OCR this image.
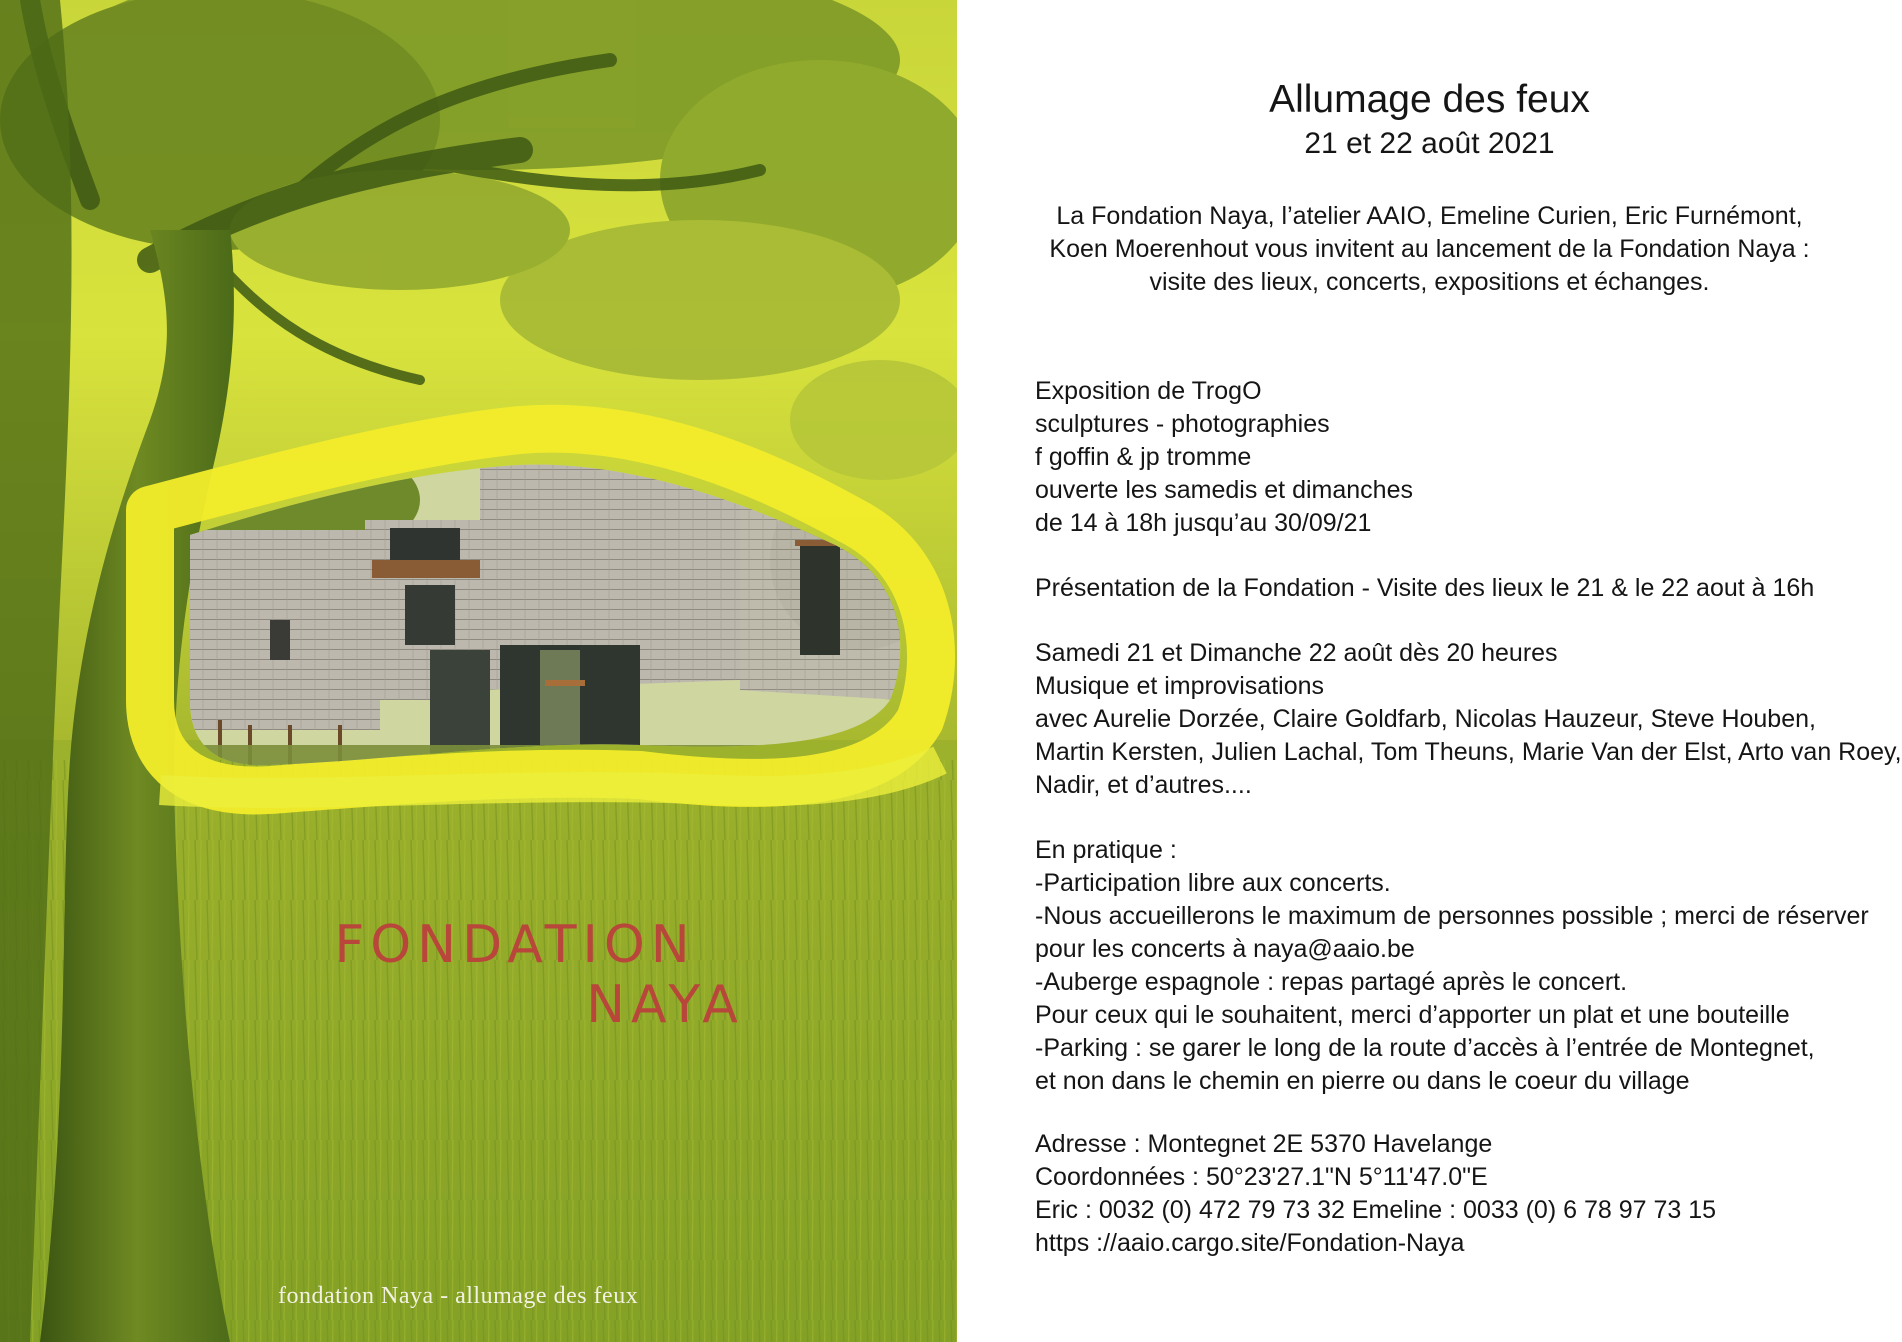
FONDATION
NAYA
fondation Naya - allumage des feux
Allumage des feux
21 et 22 août 2021
La Fondation Naya, l’atelier AAIO, Emeline Curien, Eric Furnémont,
Koen Moerenhout vous invitent au lancement de la Fondation Naya :
visite des lieux, concerts, expositions et échanges.
Exposition de TrogO
sculptures - photographies
f goffin & jp tromme
ouverte les samedis et dimanches
de 14 à 18h jusqu’au 30/09/21
Présentation de la Fondation - Visite des lieux le 21 & le 22 aout à 16h
Samedi 21 et Dimanche 22 août dès 20 heures
Musique et improvisations
avec Aurelie Dorzée, Claire Goldfarb, Nicolas Hauzeur, Steve Houben,
Martin Kersten, Julien Lachal, Tom Theuns, Marie Van der Elst, Arto van Roey,
Nadir, et d’autres....
En pratique :
-Participation libre aux concerts.
-Nous accueillerons le maximum de personnes possible ; merci de réserver
pour les concerts à naya@aaio.be
-Auberge espagnole : repas partagé après le concert.
Pour ceux qui le souhaitent, merci d’apporter un plat et une bouteille
-Parking : se garer le long de la route d’accès à l’entrée de Montegnet,
et non dans le chemin en pierre ou dans le coeur du village
Adresse : Montegnet 2E 5370 Havelange
Coordonnées : 50°23'27.1"N 5°11'47.0"E
Eric : 0032 (0) 472 79 73 32 Emeline : 0033 (0) 6 78 97 73 15
https ://aaio.cargo.site/Fondation-Naya
